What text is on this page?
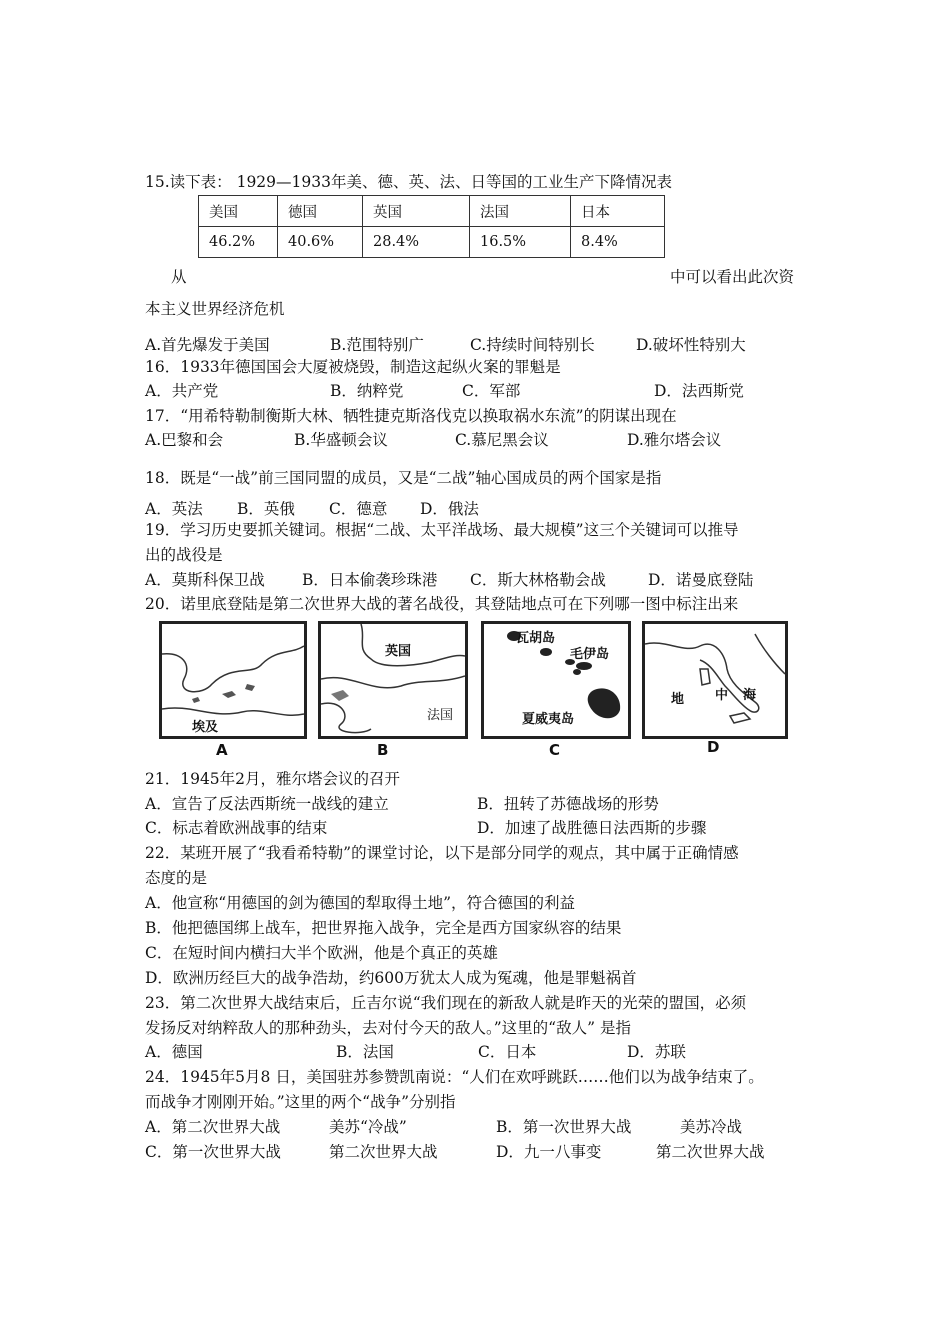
15.读下表： 1929—1933年美、德、英、法、日等国的工业生产下降情况表
美国	德国	英国	法国	日本
46.2%	40.6%	28.4%	16.5%	8.4%
从	中可以看出此次资
本主义世界经济危机
A.首先爆发于美国	B.范围特别广	C.持续时间特别长	D.破坏性特别大
16．1933年德国国会大厦被烧毁，制造这起纵火案的罪魁是
A．共产党	B．纳粹党	C．军部	D．法西斯党
17．“用希特勒制衡斯大林、牺牲捷克斯洛伐克以换取祸水东流”的阴谋出现在
A.巴黎和会	B.华盛顿会议	C.慕尼黑会议	D.雅尔塔会议
18．既是“一战”前三国同盟的成员，又是“二战”轴心国成员的两个国家是指
A．英法 B．英俄 C．德意 D．俄法
19．学习历史要抓关键词。根据“二战、太平洋战场、最大规模”这三个关键词可以推导
出的战役是
A．莫斯科保卫战 B．日本偷袭珍珠港 C．斯大林格勒会战	D．诺曼底登陆
20．诺里底登陆是第二次世界大战的著名战役，其登陆地点可在下列哪一图中标注出来
埃及
A
英国
法国
B
瓦胡岛
毛伊岛
夏威夷岛
C
地 中 海
D
21．1945年2月，雅尔塔会议的召开
A．宣告了反法西斯统一战线的建立	B．扭转了苏德战场的形势
C．标志着欧洲战事的结束	D．加速了战胜德日法西斯的步骤
22．某班开展了“我看希特勒”的课堂讨论，以下是部分同学的观点，其中属于正确情感
态度的是
A．他宣称“用德国的剑为德国的犁取得土地”，符合德国的利益
B．他把德国绑上战车，把世界拖入战争，完全是西方国家纵容的结果
C．在短时间内横扫大半个欧洲，他是个真正的英雄
D．欧洲历经巨大的战争浩劫，约600万犹太人成为冤魂，他是罪魁祸首
23．第二次世界大战结束后，丘吉尔说“我们现在的新敌人就是昨天的光荣的盟国，必须
发扬反对纳粹敌人的那种劲头，去对付今天的敌人。”这里的“敌人” 是指
A．德国	B．法国	C．日本	D．苏联
24．1945年5月8 日，美国驻苏参赞凯南说：“人们在欢呼跳跃……他们以为战争结束了。
而战争才刚刚开始。”这里的两个“战争”分别指
A．第二次世界大战	美苏“冷战”	B．第一次世界大战	美苏冷战
C．第一次世界大战	第二次世界大战	D．九一八事变	第二次世界大战
